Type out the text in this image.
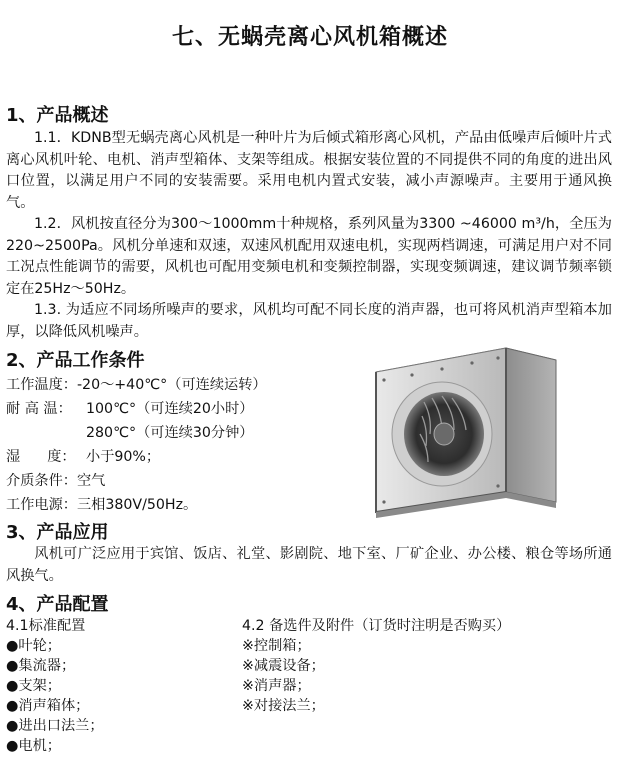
七、无蜗壳离心风机箱概述
1、产品概述
1.1．KDNB型无蜗壳离心风机是一种叶片为后倾式箱形离心风机，产品由低噪声后倾叶片式离心风机叶轮、电机、消声型箱体、支架等组成。根据安装位置的不同提供不同的角度的进出风口位置，以满足用户不同的安装需要。采用电机内置式安装，减小声源噪声。主要用于通风换气。
1.2．风机按直径分为300～1000mm十种规格，系列风量为3300 ~46000 m³/h，全压为220~2500Pa。风机分单速和双速，双速风机配用双速电机，实现两档调速，可满足用户对不同工况点性能调节的需要，风机也可配用变频电机和变频控制器，实现变频调速，建议调节频率锁定在25Hz～50Hz。
1.3. 为适应不同场所噪声的要求，风机均可配不同长度的消声器，也可将风机消声型箱本加厚，以降低风机噪声。
2、产品工作条件
工作温度：-20～+40℃°（可连续运转）
耐 高 温： 100℃°（可连续20小时）
280℃°（可连续30分钟）
湿      度： 小于90%；
介质条件：空气
工作电源：三相380V/50Hz。
3、产品应用
风机可广泛应用于宾馆、饭店、礼堂、影剧院、地下室、厂矿企业、办公楼、粮仓等场所通风换气。
4、产品配置
4.1标准配置
●叶轮；
●集流器；
●支架；
●消声箱体；
●进出口法兰；
●电机；
4.2 备选件及附件（订货时注明是否购买）
※控制箱；
※减震设备；
※消声器；
※对接法兰；
